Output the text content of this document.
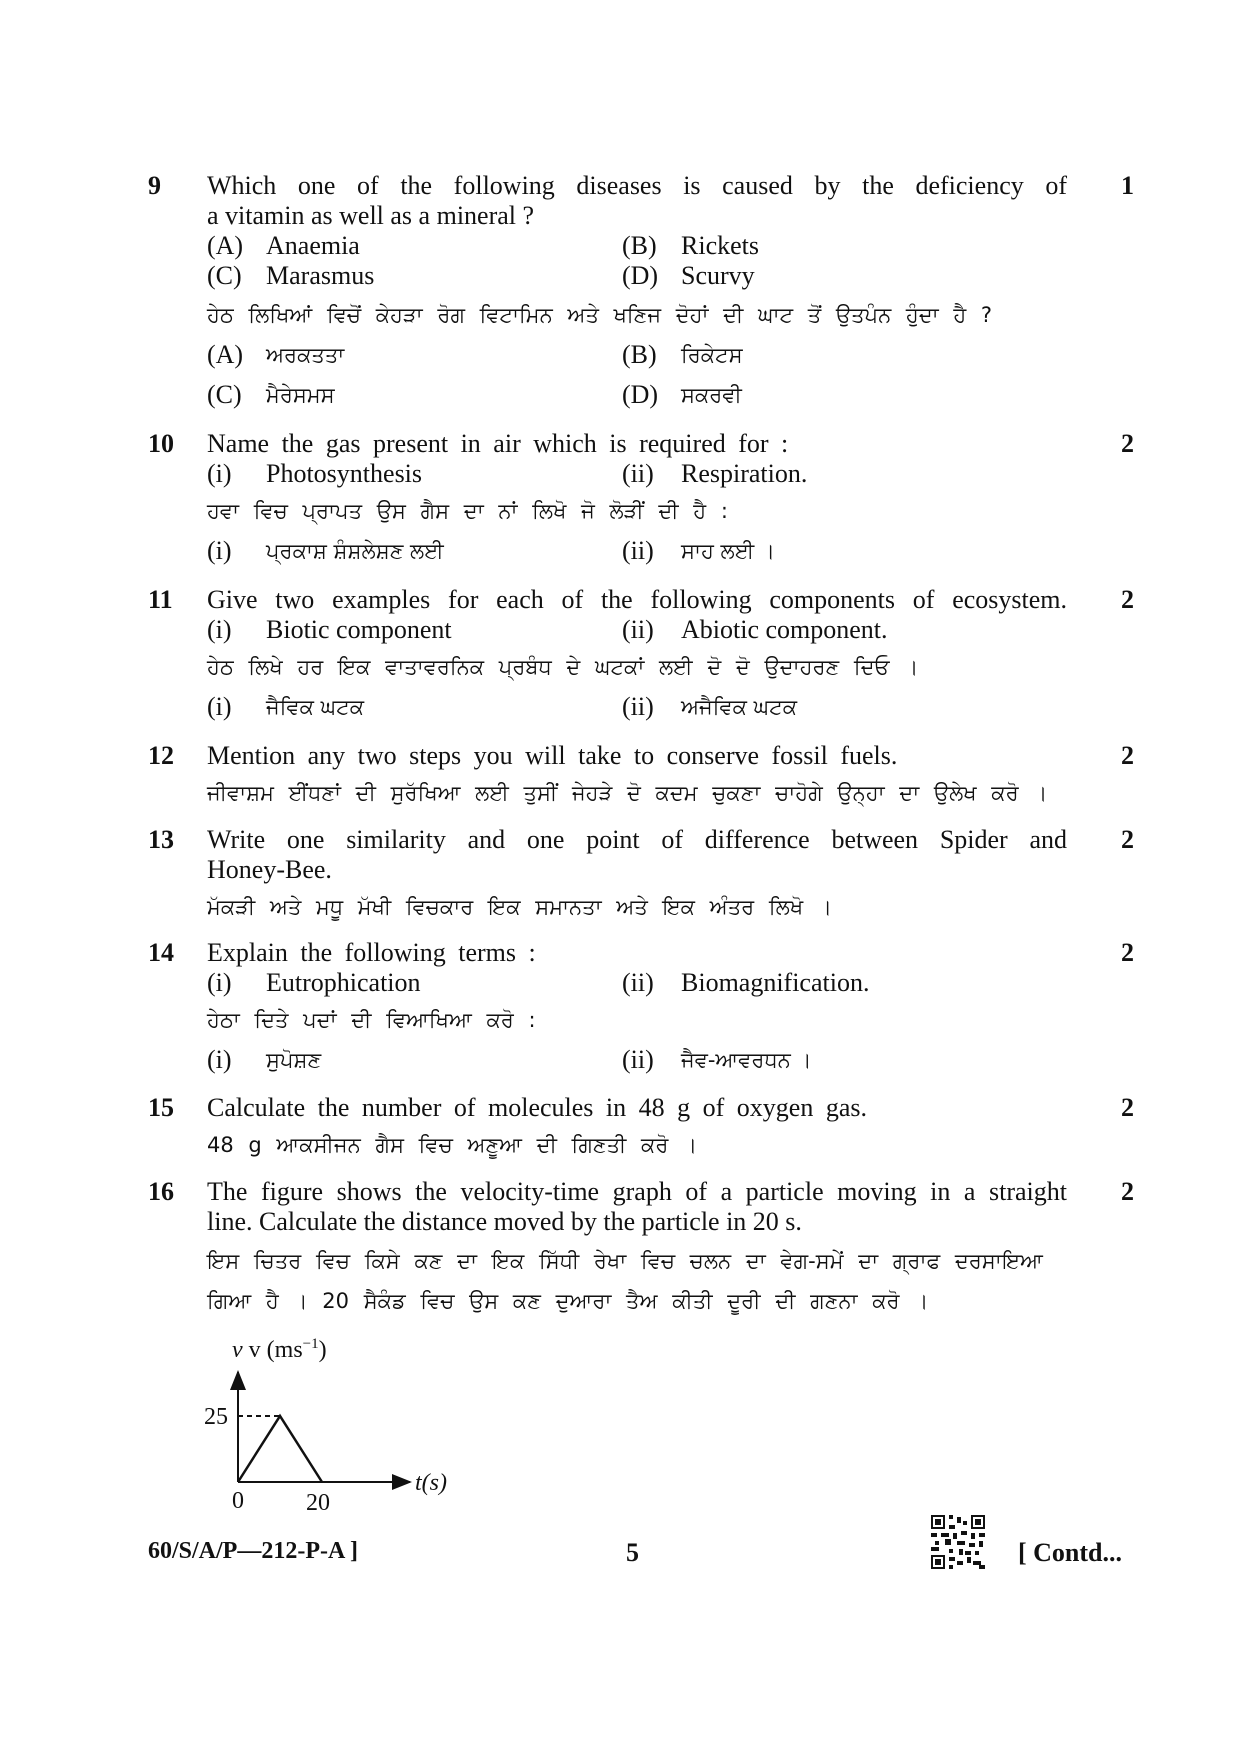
9	1

Which one of the following diseases is caused by the deficiency of

a vitamin as well as a mineral ?

(A) Anaemia	(B) Rickets
(C) Marasmus	(D) Scurvy

ਹੇਠ ਲਿਖਿਆਂ ਵਿਚੋਂ ਕੇਹੜਾ ਰੋਗ ਵਿਟਾਮਿਨ ਅਤੇ ਖਣਿਜ ਦੋਹਾਂ ਦੀ ਘਾਟ ਤੋਂ ਉਤਪੰਨ ਹੁੰਦਾ ਹੈ ?

(A) ਅਰਕਤਤਾ	(B) ਰਿਕੇਟਸ
(C) ਮੈਰੇਸਮਸ	(D) ਸਕਰਵੀ
10	2

Name the gas present in air which is required for :

(i) Photosynthesis	(ii) Respiration.

ਹਵਾ ਵਿਚ ਪ੍ਰਾਪਤ ਉਸ ਗੈਸ ਦਾ ਨਾਂ ਲਿਖੋ ਜੋ ਲੋੜੀਂ ਦੀ ਹੈ :

(i) ਪ੍ਰਕਾਸ਼ ਸ਼ੰਸ਼ਲੇਸ਼ਣ ਲਈ	(ii) ਸਾਹ ਲਈ ।
11	2

Give two examples for each of the following components of ecosystem.

(i) Biotic component	(ii) Abiotic component.

ਹੇਠ ਲਿਖੇ ਹਰ ਇਕ ਵਾਤਾਵਰਨਿਕ ਪ੍ਰਬੰਧ ਦੇ ਘਟਕਾਂ ਲਈ ਦੋ ਦੋ ਉਦਾਹਰਣ ਦਿਓ ।

(i) ਜੈਵਿਕ ਘਟਕ	(ii) ਅਜੈਵਿਕ ਘਟਕ
12	2

Mention any two steps you will take to conserve fossil fuels.

ਜੀਵਾਸ਼ਮ ਈਂਧਣਾਂ ਦੀ ਸੁਰੱਖਿਆ ਲਈ ਤੁਸੀਂ ਜੇਹੜੇ ਦੋ ਕਦਮ ਚੁਕਣਾ ਚਾਹੋਗੇ ਉਨ੍ਹਾ ਦਾ ਉਲੇਖ ਕਰੋ ।

13	2

Write one similarity and one point of difference between Spider and

Honey-Bee.

ਮੱਕੜੀ ਅਤੇ ਮਧੂ ਮੱਖੀ ਵਿਚਕਾਰ ਇਕ ਸਮਾਨਤਾ ਅਤੇ ਇਕ ਅੰਤਰ ਲਿਖੋ ।

14	2

Explain the following terms :

(i) Eutrophication	(ii) Biomagnification.

ਹੇਠਾ ਦਿਤੇ ਪਦਾਂ ਦੀ ਵਿਆਖਿਆ ਕਰੋ :

(i) ਸੁਪੋਸ਼ਣ	(ii) ਜੈਵ-ਆਵਰਧਨ ।
15	2

Calculate the number of molecules in 48 g of oxygen gas.

48 g ਆਕਸੀਜਨ ਗੈਸ ਵਿਚ ਅਣੂਆ ਦੀ ਗਿਣਤੀ ਕਰੋ ।

16	2

The figure shows the velocity-time graph of a particle moving in a straight

line. Calculate the distance moved by the particle in 20 s.

ਇਸ ਚਿਤਰ ਵਿਚ ਕਿਸੇ ਕਣ ਦਾ ਇਕ ਸਿੱਧੀ ਰੇਖਾ ਵਿਚ ਚਲਨ ਦਾ ਵੇਗ-ਸਮੇਂ ਦਾ ਗ੍ਰਾਫ ਦਰਸਾਇਆ

ਗਿਆ ਹੈ । 20 ਸੈਕੰਡ ਵਿਚ ਉਸ ਕਣ ਦੁਆਰਾ ਤੈਅ ਕੀਤੀ ਦੂਰੀ ਦੀ ਗਣਨਾ ਕਰੋ ।

v v $(ms^{-1})$
25
0	20
t(s)
60/S/A/P—212-P-A ]	5	[ Contd...
